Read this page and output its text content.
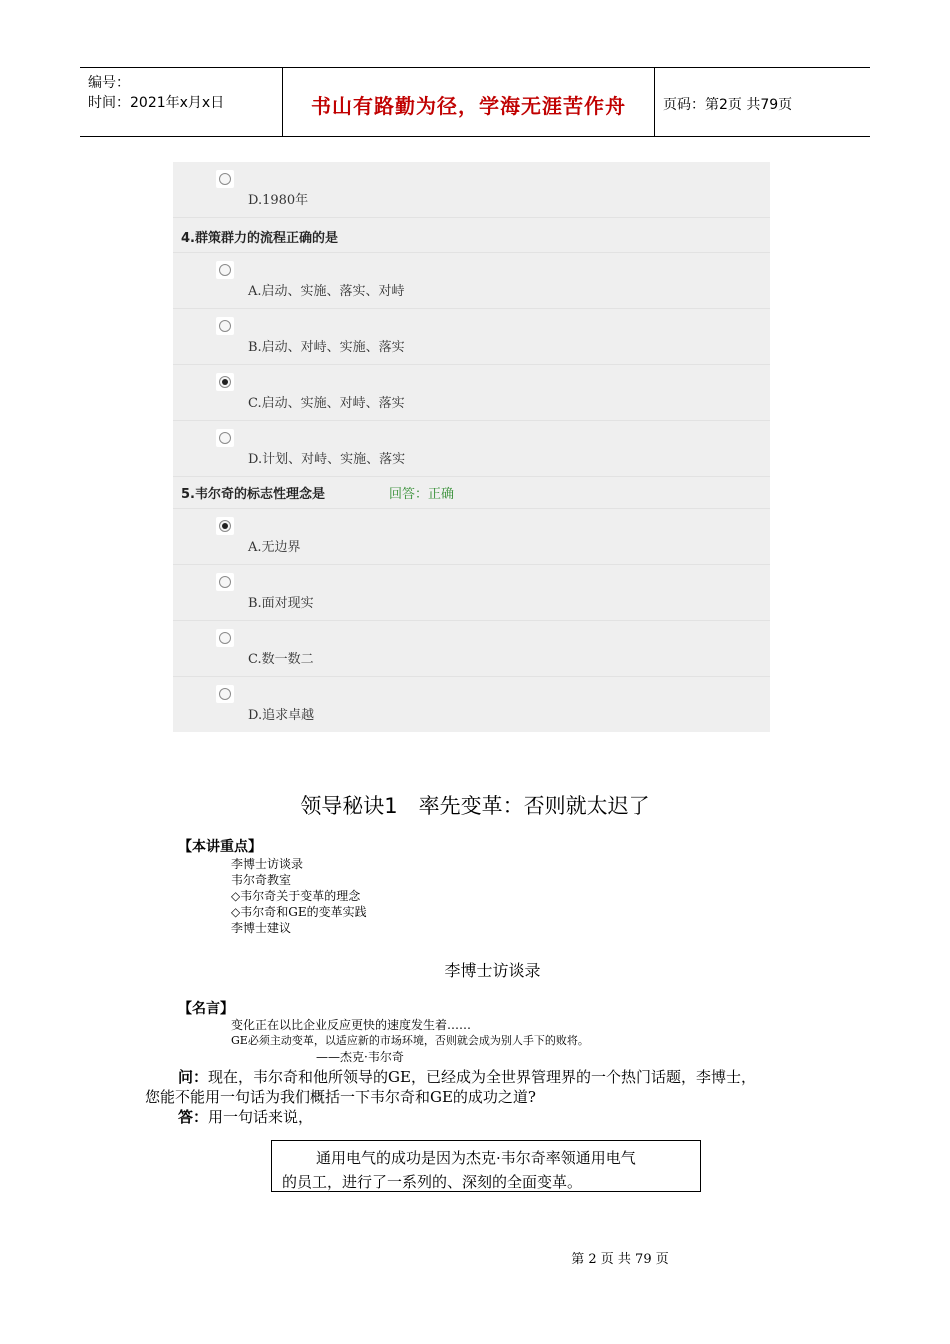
编号：
时间：2021年x月x日	书山有路勤为径，学海无涯苦作舟	页码：第2页 共79页
D.1980年
4.群策群力的流程正确的是
A.启动、实施、落实、对峙
B.启动、对峙、实施、落实
C.启动、实施、对峙、落实
D.计划、对峙、实施、落实
5.韦尔奇的标志性理念是	回答：正确
A.无边界
B.面对现实
C.数一数二
D.追求卓越
领导秘诀1　率先变革：否则就太迟了
【本讲重点】
李博士访谈录
韦尔奇教室
◇韦尔奇关于变革的理念
◇韦尔奇和GE的变革实践
李博士建议
李博士访谈录
【名言】
变化正在以比企业反应更快的速度发生着……
GE必须主动变革，以适应新的市场环境，否则就会成为别人手下的败将。
——杰克·韦尔奇
问：现在，韦尔奇和他所领导的GE，已经成为全世界管理界的一个热门话题，李博士，
您能不能用一句话为我们概括一下韦尔奇和GE的成功之道?
答：用一句话来说，
通用电气的成功是因为杰克·韦尔奇率领通用电气
的员工，进行了一系列的、深刻的全面变革。
第 2 页 共 79 页
